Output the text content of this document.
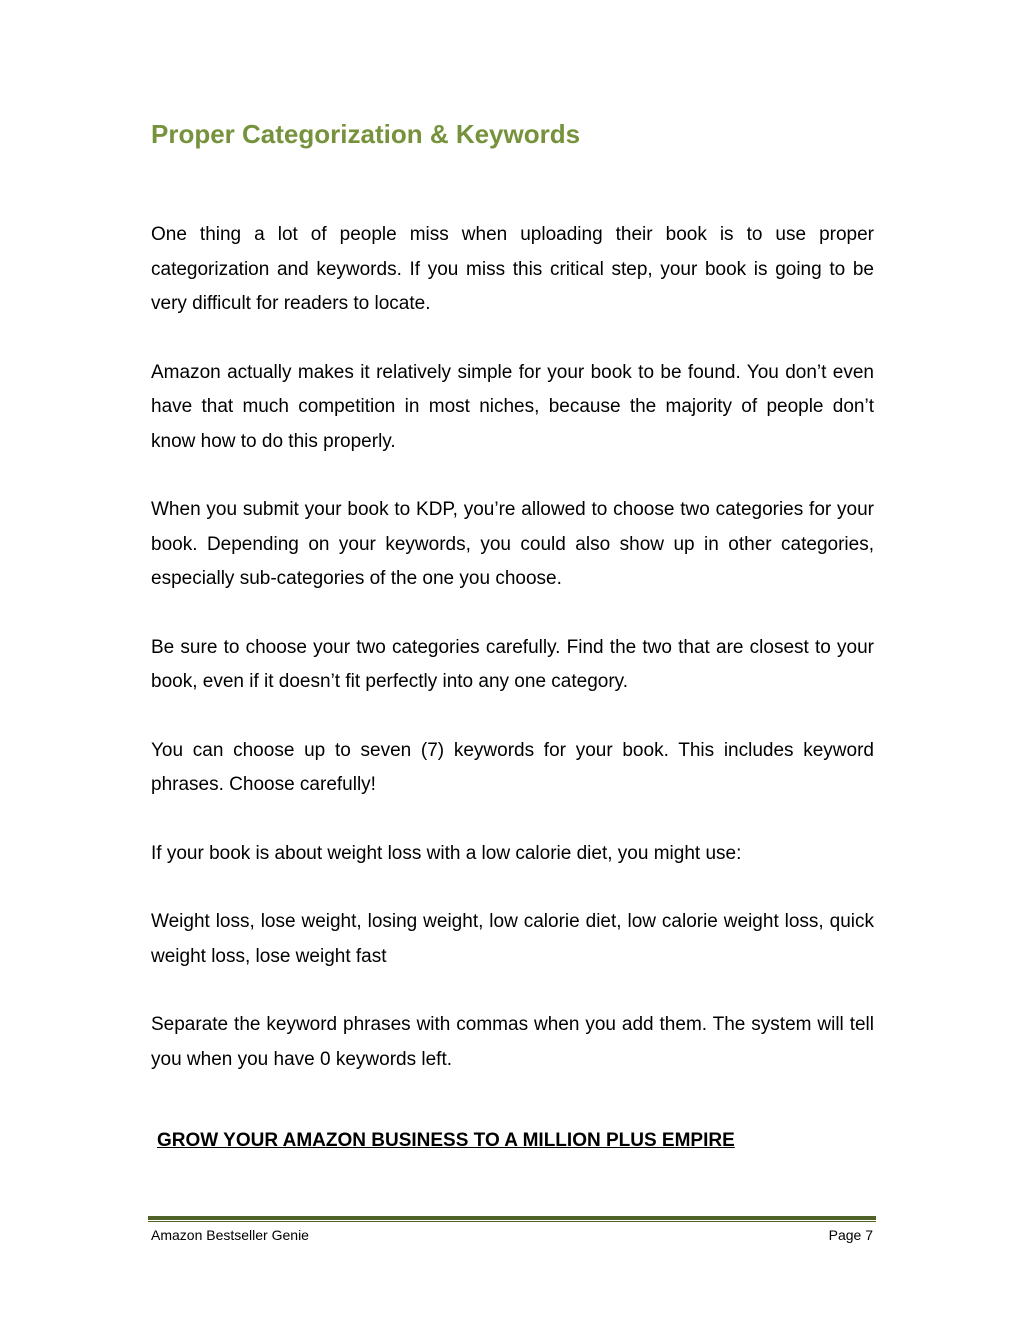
Proper Categorization & Keywords

One thing a lot of people miss when uploading their book is to use proper categorization and keywords. If you miss this critical step, your book is going to be very difficult for readers to locate.

Amazon actually makes it relatively simple for your book to be found. You don’t even have that much competition in most niches, because the majority of people don’t know how to do this properly.

When you submit your book to KDP, you’re allowed to choose two categories for your book. Depending on your keywords, you could also show up in other categories, especially sub-categories of the one you choose.

Be sure to choose your two categories carefully. Find the two that are closest to your book, even if it doesn’t fit perfectly into any one category.

You can choose up to seven (7) keywords for your book. This includes keyword phrases. Choose carefully!

If your book is about weight loss with a low calorie diet, you might use:

Weight loss, lose weight, losing weight, low calorie diet, low calorie weight loss, quick weight loss, lose weight fast

Separate the keyword phrases with commas when you add them. The system will tell you when you have 0 keywords left.

GROW YOUR AMAZON BUSINESS TO A MILLION PLUS EMPIRE

Amazon Bestseller Genie	Page 7
